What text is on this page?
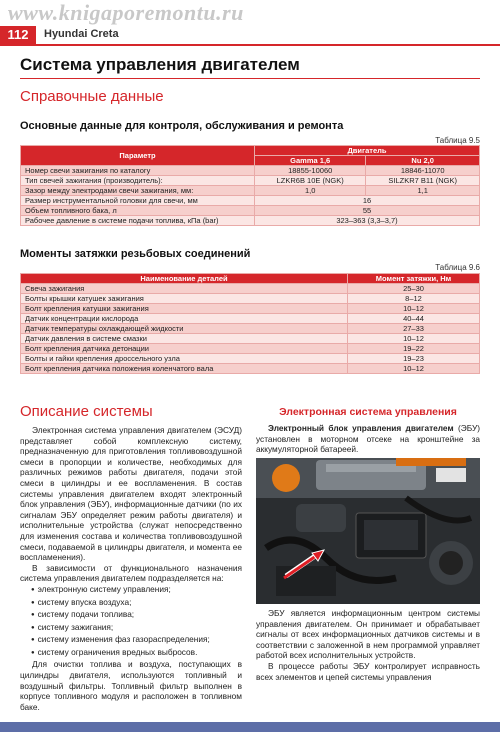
www.knigaporemontu.ru
112	Hyundai Creta
Система управления двигателем
Справочные данные
Основные данные для контроля, обслуживания и ремонта
Таблица 9.5
Параметр	Двигатель	
	Gamma 1,6	Nu 2,0
Номер свечи зажигания по каталогу	18855-10060	18846-11070
Тип свечей зажигания (производитель):	LZKR6B 10E (NGK)	SILZKR7 B11 (NGK)
Зазор между электродами свечи зажигания, мм:	1,0	1,1
Размер инструментальной головки для свечи, мм	16	
Объем топливного бака, л	55	
Рабочее давление в системе подачи топлива, кПа (bar)	323–363 (3,3–3,7)	
Моменты затяжки резьбовых соединений
Таблица 9.6
Наименование деталей	Момент затяжки, Нм
Свеча зажигания	25–30
Болты крышки катушек зажигания	8–12
Болт крепления катушки зажигания	10–12
Датчик концентрации кислорода	40–44
Датчик температуры охлаждающей жидкости	27–33
Датчик давления в системе смазки	10–12
Болт крепления датчика детонации	19–22
Болты и гайки крепления дроссельного узла	19–23
Болт крепления датчика положения коленчатого вала	10–12
Описание системы	Электронная система управления

Электронная система управления двигателем (ЭСУД) представляет собой комплексную систему, предназначенную для приготовления топливовоздушной смеси в пропорции и количестве, необходимых для различных режимов работы двигателя, подачи этой смеси в цилиндры и ее воспламенения. В состав системы управления двигателем входят электронный блок управления (ЭБУ), информационные датчики (по их сигналам ЭБУ определяет режим работы двигателя) и исполнительные устройства (служат непосредственно для изменения состава и количества топливовоздушной смеси, подаваемой в цилиндры двигателя, и момента ее воспламенения).

В зависимости от функционального назначения система управления двигателем подразделяется на:

● электронную систему управления;
● систему впуска воздуха;
● систему подачи топлива;
● систему зажигания;
● систему изменения фаз газораспределения;
● систему ограничения вредных выбросов.

Для очистки топлива и воздуха, поступающих в цилиндры двигателя, используются топливный и воздушный фильтры. Топливный фильтр выполнен в корпусе топливного модуля и расположен в топливном баке.

Электронный блок управления двигателем (ЭБУ) установлен в моторном отсеке на кронштейне за аккумуляторной батареей.

ЭБУ является информационным центром системы управления двигателем. Он принимает и обрабатывает сигналы от всех информационных датчиков системы и в соответствии с заложенной в нем программой управляет работой всех исполнительных устройств.

В процессе работы ЭБУ контролирует исправность всех элементов и цепей системы управления
